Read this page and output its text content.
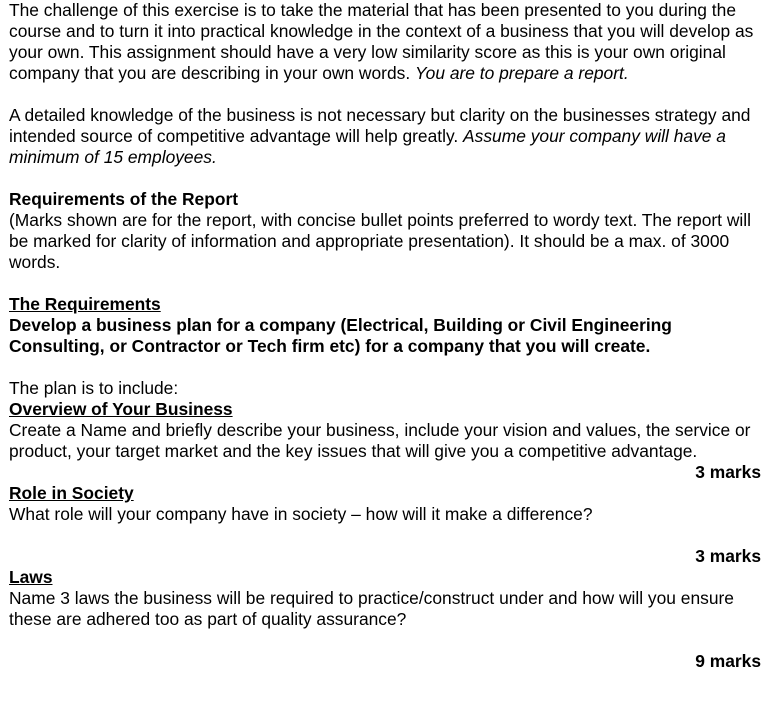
The challenge of this exercise is to take the material that has been presented to you during the course and to turn it into practical knowledge in the context of a business that you will develop as your own. This assignment should have a very low similarity score as this is your own original company that you are describing in your own words. You are to prepare a report.

A detailed knowledge of the business is not necessary but clarity on the businesses strategy and intended source of competitive advantage will help greatly. Assume your company will have a minimum of 15 employees.

Requirements of the Report

(Marks shown are for the report, with concise bullet points preferred to wordy text. The report will be marked for clarity of information and appropriate presentation). It should be a max. of 3000 words.

The Requirements

Develop a business plan for a company (Electrical, Building or Civil Engineering Consulting, or Contractor or Tech firm etc) for a company that you will create.

The plan is to include:

Overview of Your Business

Create a Name and briefly describe your business, include your vision and values, the service or product, your target market and the key issues that will give you a competitive advantage.

3 marks

Role in Society

What role will your company have in society – how will it make a difference?

3 marks

Laws

Name 3 laws the business will be required to practice/construct under and how will you ensure these are adhered too as part of quality assurance?

9 marks
